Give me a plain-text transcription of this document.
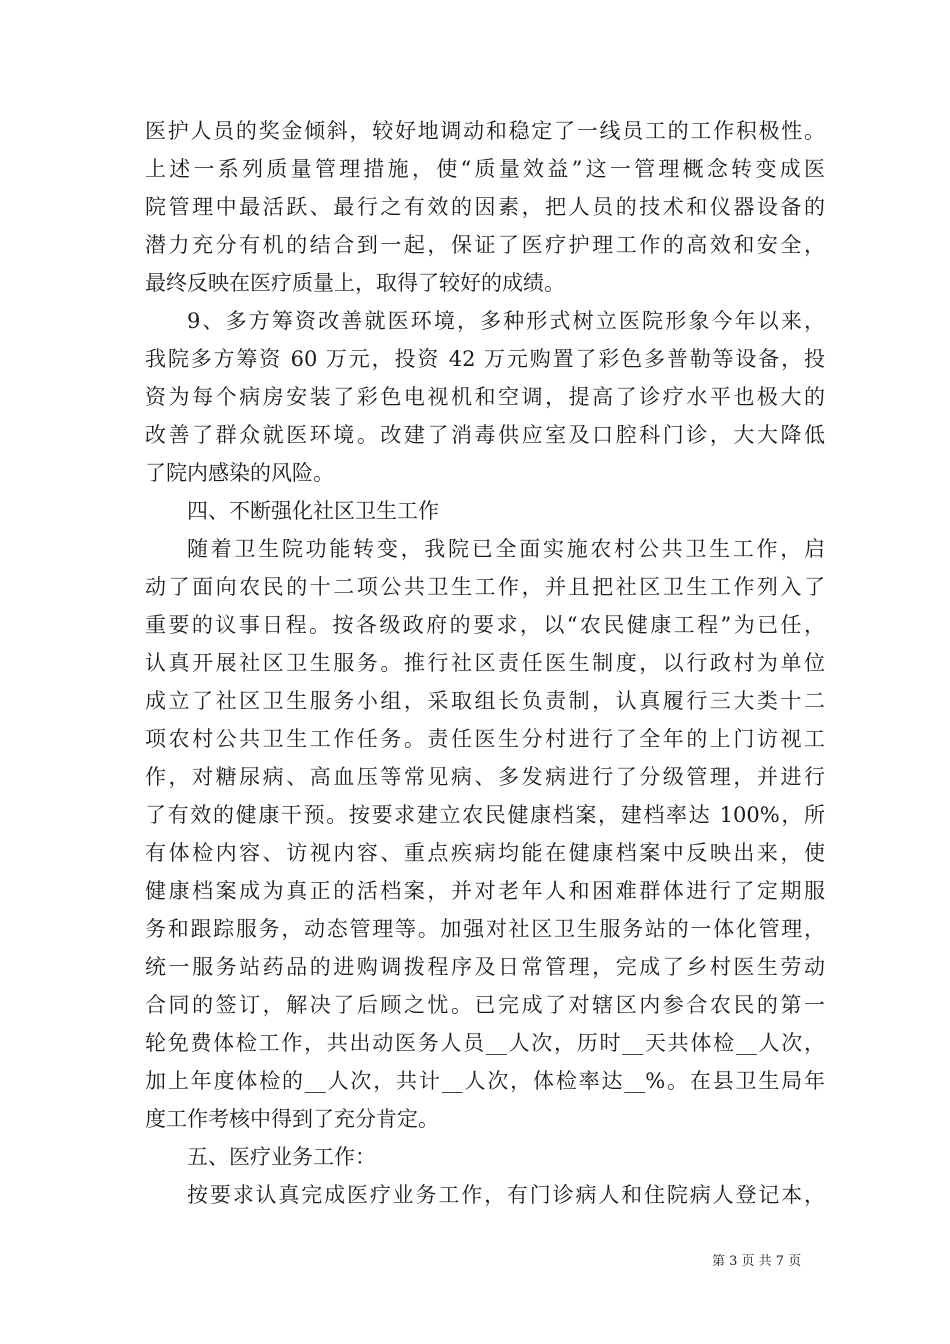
医护人员的奖金倾斜，较好地调动和稳定了一线员工的工作积极性。
上述一系列质量管理措施，使“质量效益”这一管理概念转变成医
院管理中最活跃、最行之有效的因素，把人员的技术和仪器设备的
潜力充分有机的结合到一起，保证了医疗护理工作的高效和安全，
最终反映在医疗质量上，取得了较好的成绩。
9、多方筹资改善就医环境，多种形式树立医院形象今年以来，
我院多方筹资 60 万元，投资 42 万元购置了彩色多普勒等设备，投
资为每个病房安装了彩色电视机和空调，提高了诊疗水平也极大的
改善了群众就医环境。改建了消毒供应室及口腔科门诊，大大降低
了院内感染的风险。
四、不断强化社区卫生工作
随着卫生院功能转变，我院已全面实施农村公共卫生工作，启
动了面向农民的十二项公共卫生工作，并且把社区卫生工作列入了
重要的议事日程。按各级政府的要求，以“农民健康工程”为已任，
认真开展社区卫生服务。推行社区责任医生制度，以行政村为单位
成立了社区卫生服务小组，采取组长负责制，认真履行三大类十二
项农村公共卫生工作任务。责任医生分村进行了全年的上门访视工
作，对糖尿病、高血压等常见病、多发病进行了分级管理，并进行
了有效的健康干预。按要求建立农民健康档案，建档率达 100%，所
有体检内容、访视内容、重点疾病均能在健康档案中反映出来，使
健康档案成为真正的活档案，并对老年人和困难群体进行了定期服
务和跟踪服务，动态管理等。加强对社区卫生服务站的一体化管理，
统一服务站药品的进购调拨程序及日常管理，完成了乡村医生劳动
合同的签订，解决了后顾之忧。已完成了对辖区内参合农民的第一
轮免费体检工作，共出动医务人员__人次，历时__天共体检__人次，
加上年度体检的__人次，共计__人次，体检率达__%。在县卫生局年
度工作考核中得到了充分肯定。
五、医疗业务工作：
按要求认真完成医疗业务工作，有门诊病人和住院病人登记本，
第 3 页 共 7 页
